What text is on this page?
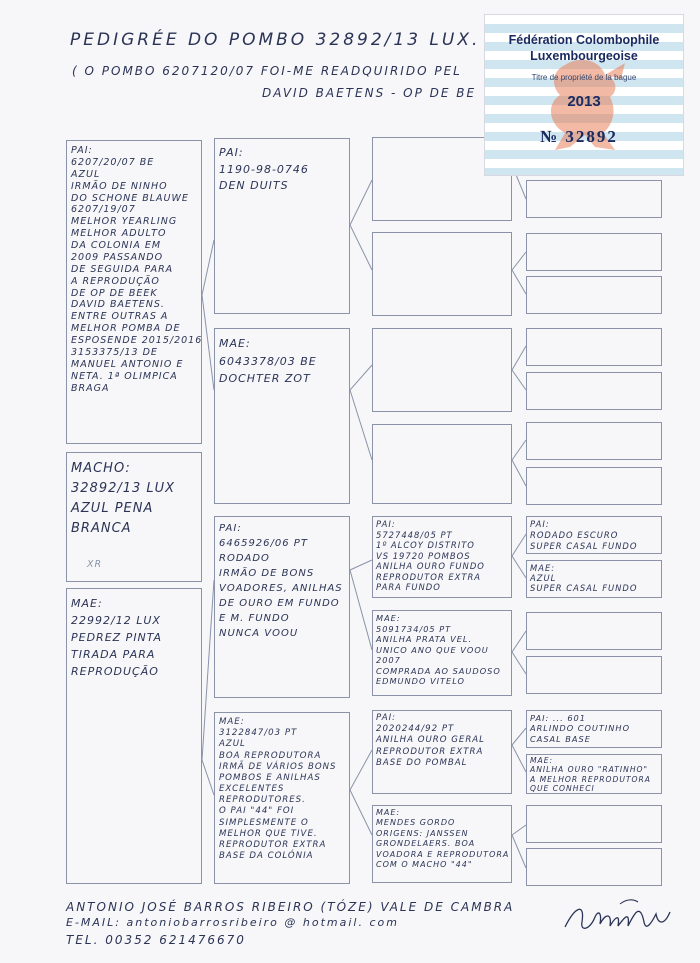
PEDIGRÉE DO POMBO 32892/13 LUX.
( O POMBO 6207120/07 FOI-ME READQUIRIDO PEL
DAVID BAETENS - OP DE BE
PAI:
6207/20/07 BE
AZUL
IRMÃO DE NINHO
DO SCHONE BLAUWE
6207/19/07
MELHOR YEARLING
MELHOR ADULTO
DA COLONIA EM
2009 PASSANDO
DE SEGUIDA PARA
A REPRODUÇÃO
DE OP DE BEEK
DAVID BAETENS.
ENTRE OUTRAS A
MELHOR POMBA DE
ESPOSENDE 2015/2016
3153375/13 DE
MANUEL ANTONIO E
NETA. 1ª OLIMPICA BRAGA
MACHO:
32892/13 LUX
AZUL PENA
BRANCA
XR
MAE:
22992/12 LUX
PEDREZ PINTA
TIRADA PARA
REPRODUÇÃO
PAI:
1190-98-0746
DEN DUITS
MAE:
6043378/03 BE
DOCHTER ZOT
PAI:
6465926/06 PT
RODADO
IRMÃO DE BONS
VOADORES, ANILHAS
DE OURO EM FUNDO
E M. FUNDO
NUNCA VOOU
MAE:
3122847/03 PT
AZUL
BOA REPRODUTORA
IRMÃ DE VÁRIOS BONS
POMBOS E ANILHAS
EXCELENTES
REPRODUTORES.
O PAI "44" FOI
SIMPLESMENTE O
MELHOR QUE TIVE.
REPRODUTOR EXTRA
BASE DA COLÓNIA
PAI:
5727448/05 PT
1º ALCOY DISTRITO
VS 19720 POMBOS
ANILHA OURO FUNDO
REPRODUTOR EXTRA
PARA FUNDO
MAE:
5091734/05 PT
ANILHA PRATA VEL.
UNICO ANO QUE VOOU
2007
COMPRADA AO SAUDOSO
EDMUNDO VITELO
PAI:
2020244/92 PT
ANILHA OURO GERAL
REPRODUTOR EXTRA
BASE DO POMBAL
MAE:
MENDES GORDO
ORIGENS: JANSSEN
GRONDELAERS. BOA
VOADORA E REPRODUTORA
COM O MACHO "44"
PAI:
RODADO ESCURO
SUPER CASAL FUNDO
MAE:
AZUL
SUPER CASAL FUNDO
PAI: ... 601
ARLINDO COUTINHO
CASAL BASE
MAE:
ANILHA OURO "RATINHO"
A MELHOR REPRODUTORA
QUE CONHECI
Fédération Colombophile
Luxembourgeoise
Titre de propriété de la bague
2013
№ 32892
ANTONIO JOSÉ BARROS RIBEIRO (TÓZE) VALE DE CAMBRA
E-MAIL: antoniobarrosribeiro @ hotmail. com
TEL. 00352 621476670
